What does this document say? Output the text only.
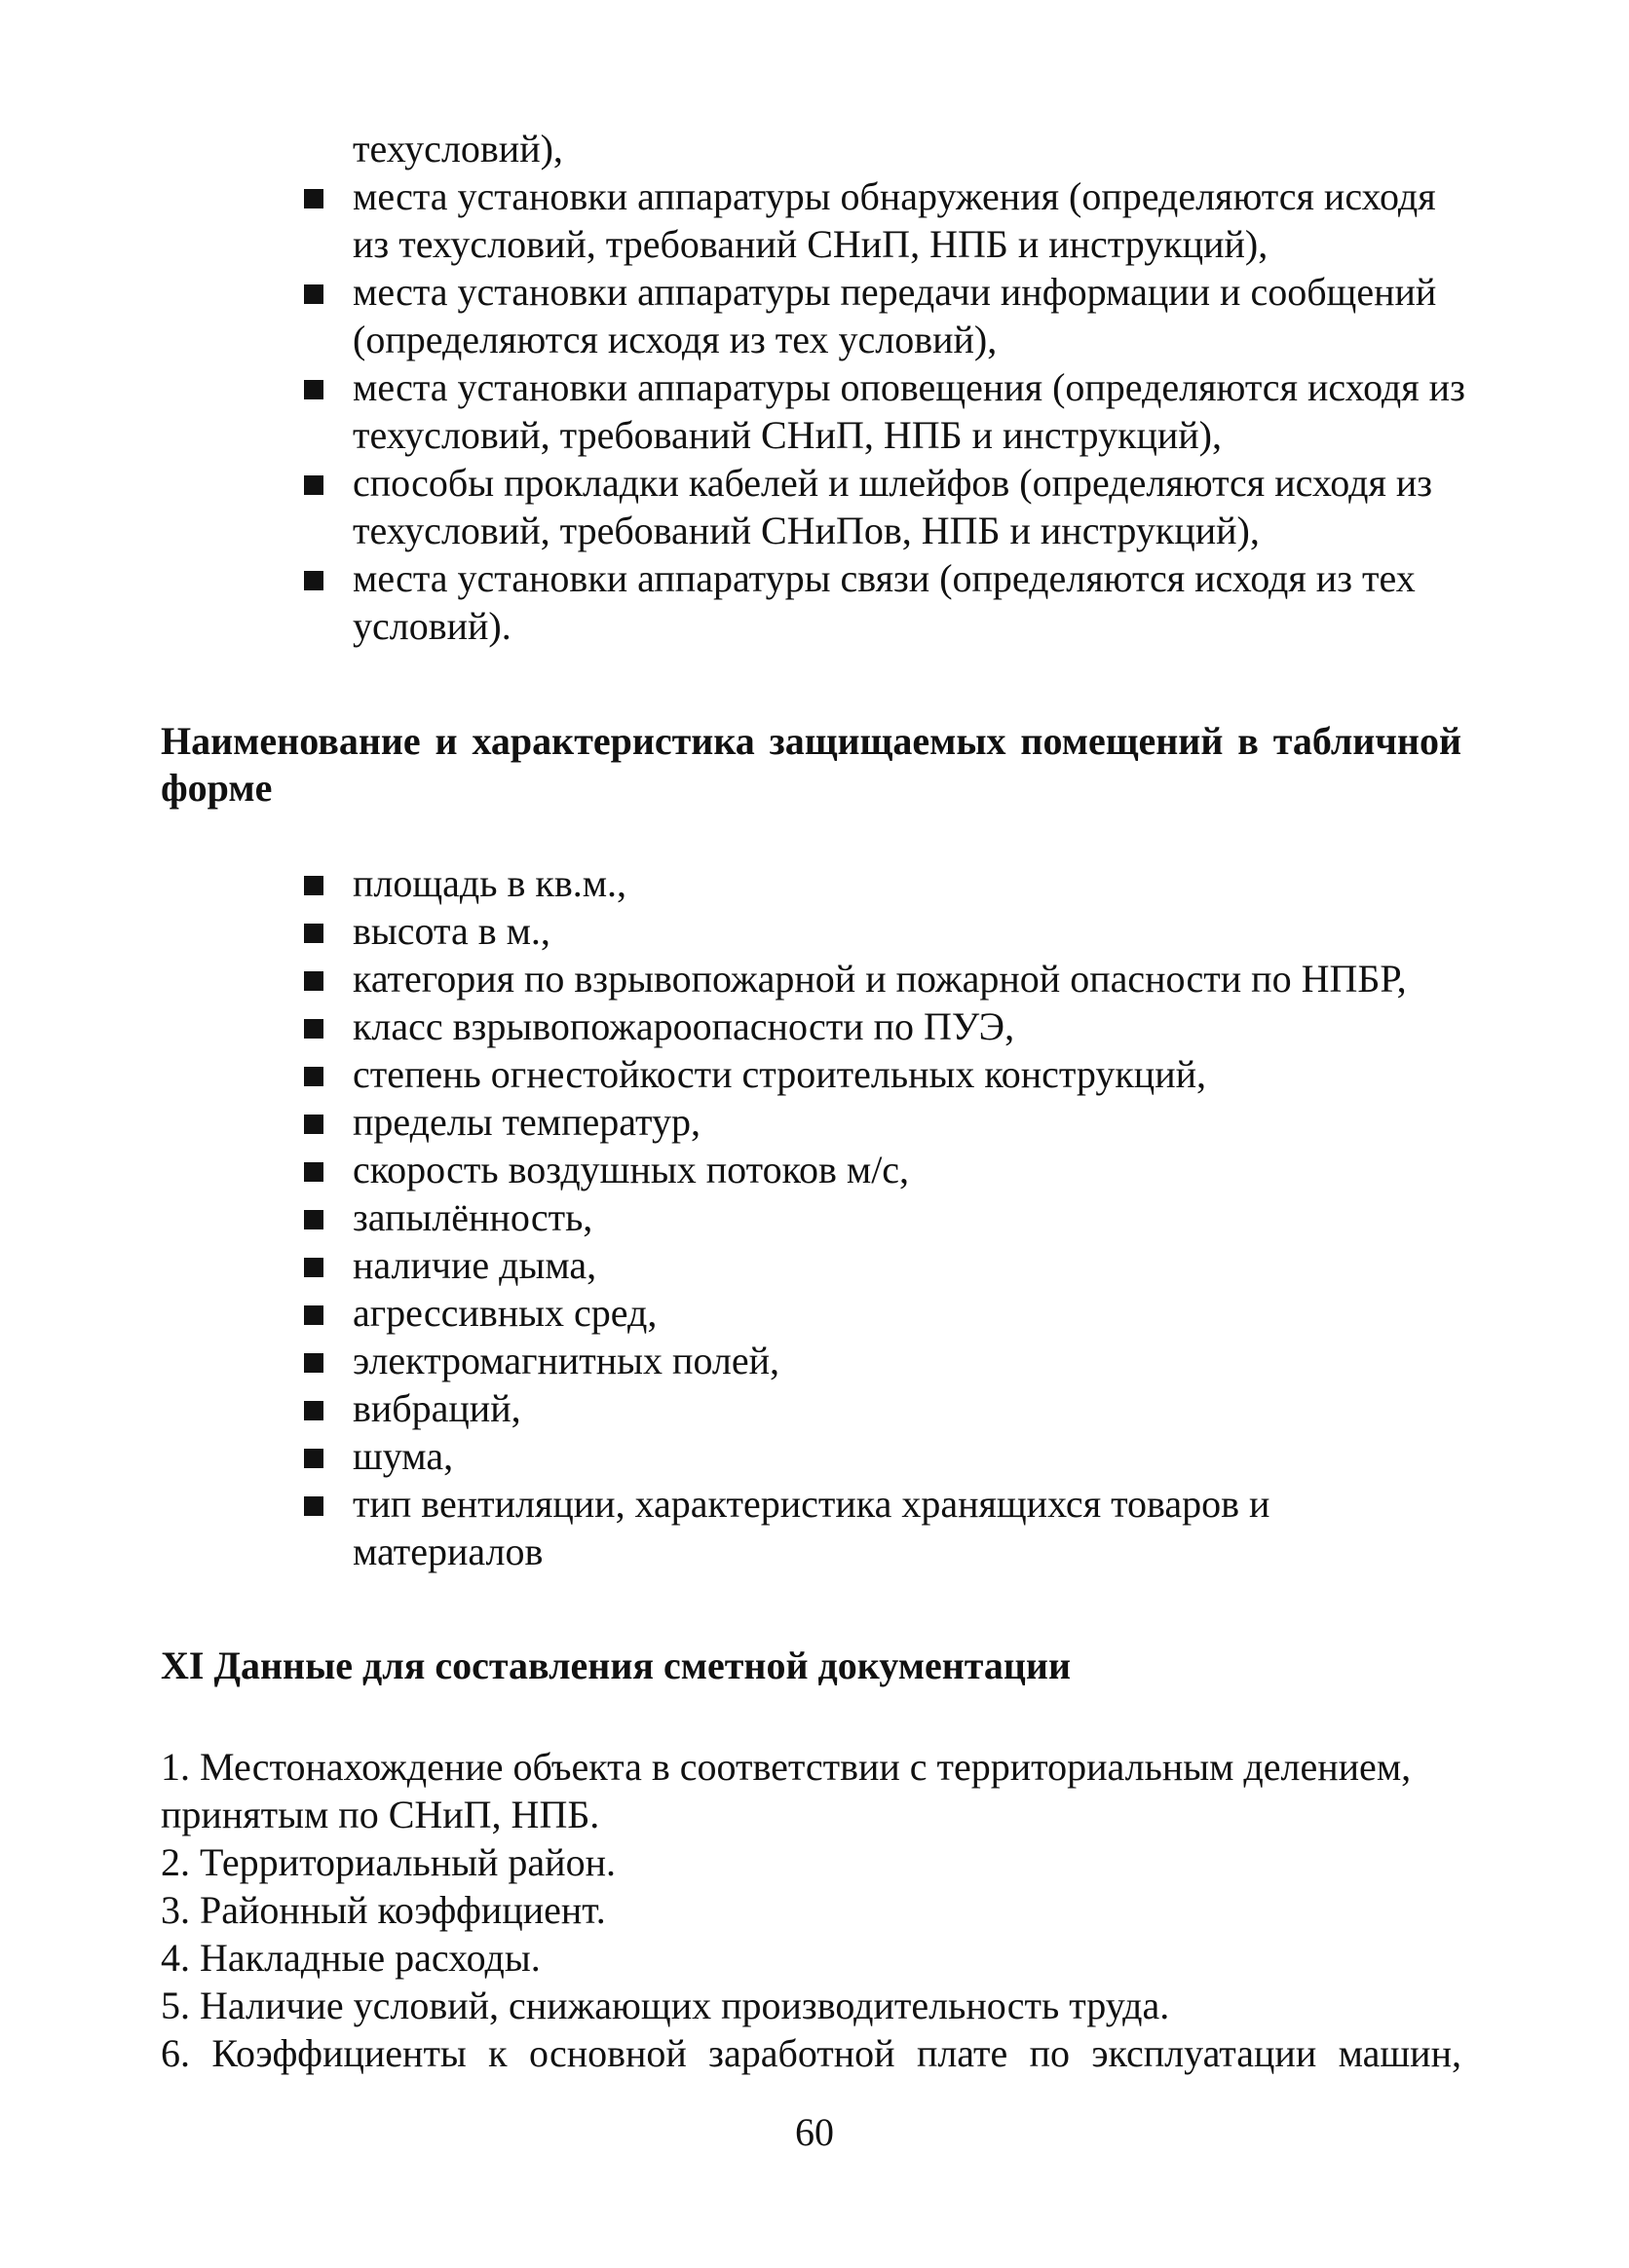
техусловий),
места установки аппаратуры обнаружения (определяются исходя из техусловий, требований СНиП, НПБ и инструкций),
места установки аппаратуры передачи информации и сообщений (определяются исходя из тех условий),
места установки аппаратуры оповещения (определяются исходя из техусловий, требований СНиП, НПБ и инструкций),
способы прокладки кабелей и шлейфов (определяются исходя из техусловий, требований СНиПов, НПБ и инструкций),
места установки аппаратуры связи (определяются исходя из тех условий).
Наименование и характеристика защищаемых помещений в табличной форме
площадь в кв.м.,
высота в м.,
категория по взрывопожарной и пожарной опасности по НПБР,
класс взрывопожароопасности по ПУЭ,
степень огнестойкости строительных конструкций,
пределы температур,
скорость воздушных потоков м/с,
запылённость,
наличие дыма,
агрессивных сред,
электромагнитных полей,
вибраций,
шума,
тип вентиляции, характеристика хранящихся товаров и материалов
XI Данные для составления сметной документации
1. Местонахождение объекта в соответствии с территориальным делением, принятым по СНиП, НПБ.
2. Территориальный район.
3. Районный коэффициент.
4. Накладные расходы.
5. Наличие условий, снижающих производительность труда.
6. Коэффициенты к основной заработной плате по эксплуатации машин,
60
